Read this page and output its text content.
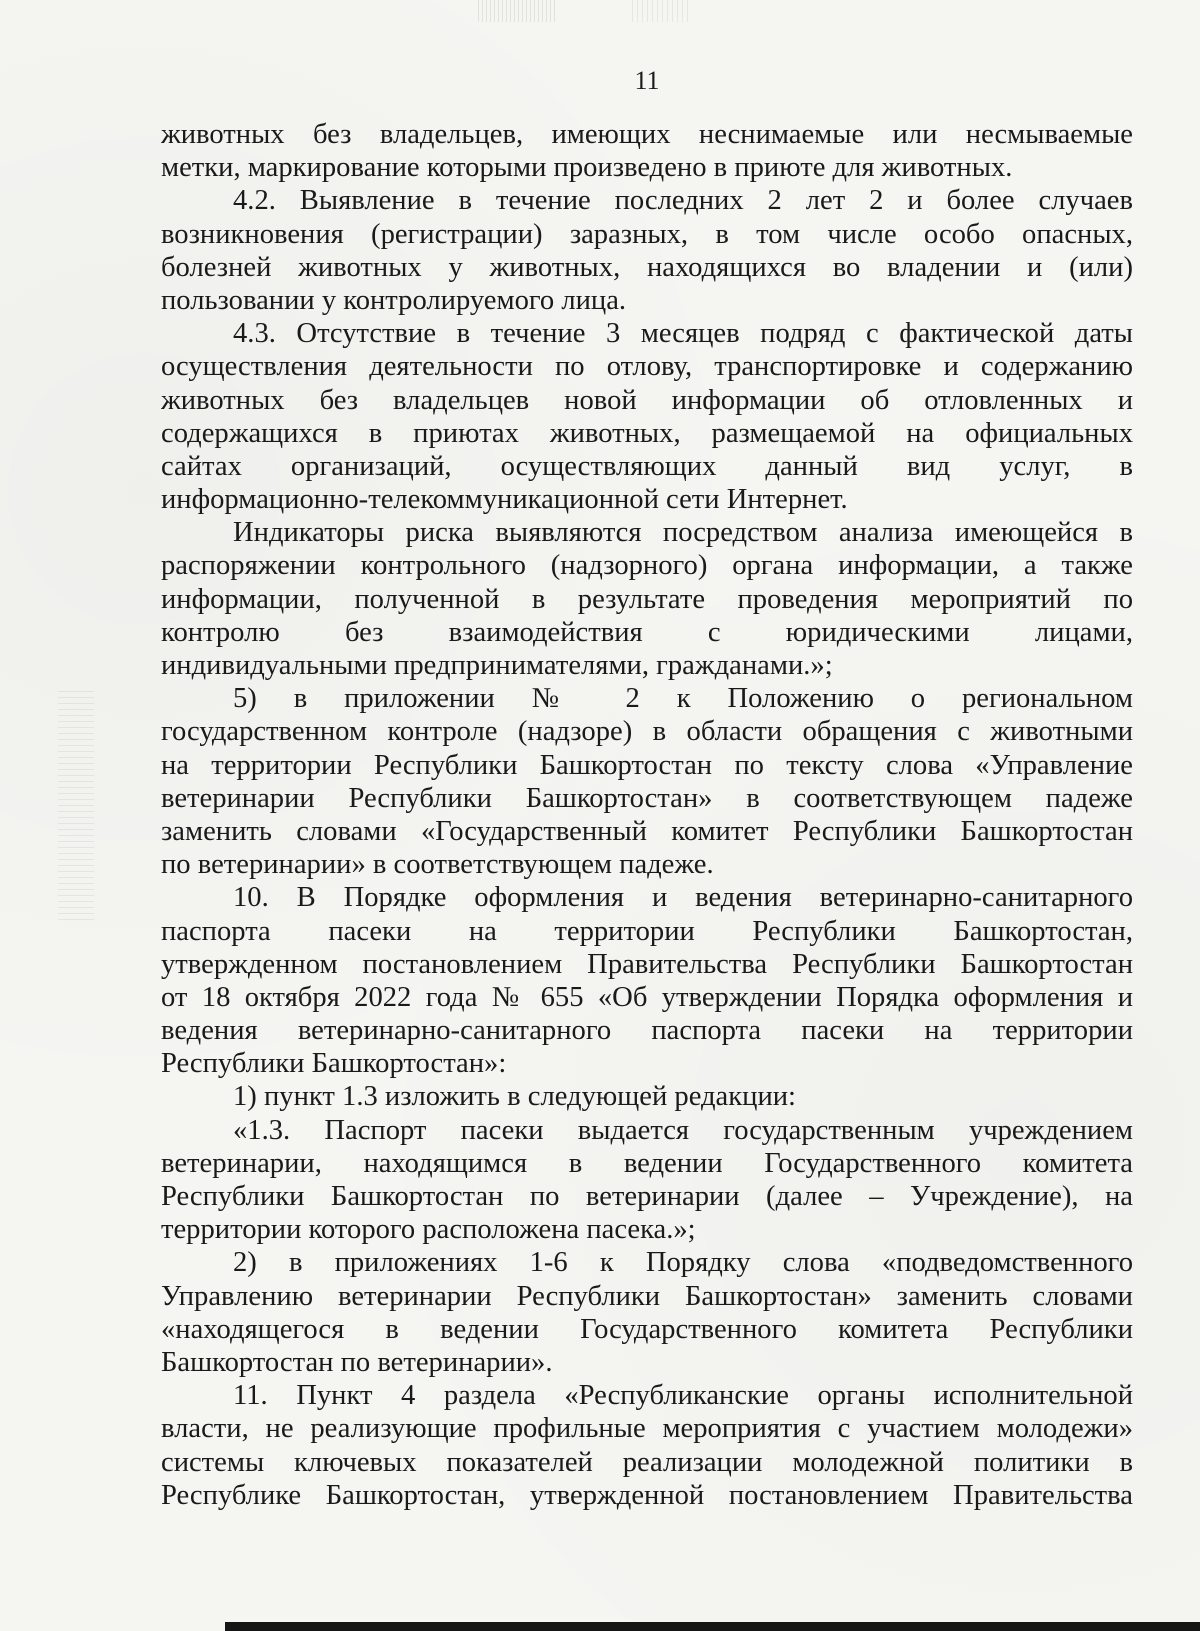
11
животных без владельцев, имеющих неснимаемые или несмываемые
метки, маркирование которыми произведено в приюте для животных.
4.2. Выявление в течение последних 2 лет 2 и более случаев
возникновения (регистрации) заразных, в том числе особо опасных,
болезней животных у животных, находящихся во владении и (или)
пользовании у контролируемого лица.
4.3. Отсутствие в течение 3 месяцев подряд с фактической даты
осуществления деятельности по отлову, транспортировке и содержанию
животных без владельцев новой информации об отловленных и
содержащихся в приютах животных, размещаемой на официальных
сайтах организаций, осуществляющих данный вид услуг, в
информационно-телекоммуникационной сети Интернет.
Индикаторы риска выявляются посредством анализа имеющейся в
распоряжении контрольного (надзорного) органа информации, а также
информации, полученной в результате проведения мероприятий по
контролю без взаимодействия с юридическими лицами,
индивидуальными предпринимателями, гражданами.»;
5) в приложении № 2 к Положению о региональном
государственном контроле (надзоре) в области обращения с животными
на территории Республики Башкортостан по тексту слова «Управление
ветеринарии Республики Башкортостан» в соответствующем падеже
заменить словами «Государственный комитет Республики Башкортостан
по ветеринарии» в соответствующем падеже.
10. В Порядке оформления и ведения ветеринарно-санитарного
паспорта пасеки на территории Республики Башкортостан,
утвержденном постановлением Правительства Республики Башкортостан
от 18 октября 2022 года № 655 «Об утверждении Порядка оформления и
ведения ветеринарно-санитарного паспорта пасеки на территории
Республики Башкортостан»:
1) пункт 1.3 изложить в следующей редакции:
«1.3. Паспорт пасеки выдается государственным учреждением
ветеринарии, находящимся в ведении Государственного комитета
Республики Башкортостан по ветеринарии (далее – Учреждение), на
территории которого расположена пасека.»;
2) в приложениях 1-6 к Порядку слова «подведомственного
Управлению ветеринарии Республики Башкортостан» заменить словами
«находящегося в ведении Государственного комитета Республики
Башкортостан по ветеринарии».
11. Пункт 4 раздела «Республиканские органы исполнительной
власти, не реализующие профильные мероприятия с участием молодежи»
системы ключевых показателей реализации молодежной политики в
Республике Башкортостан, утвержденной постановлением Правительства
